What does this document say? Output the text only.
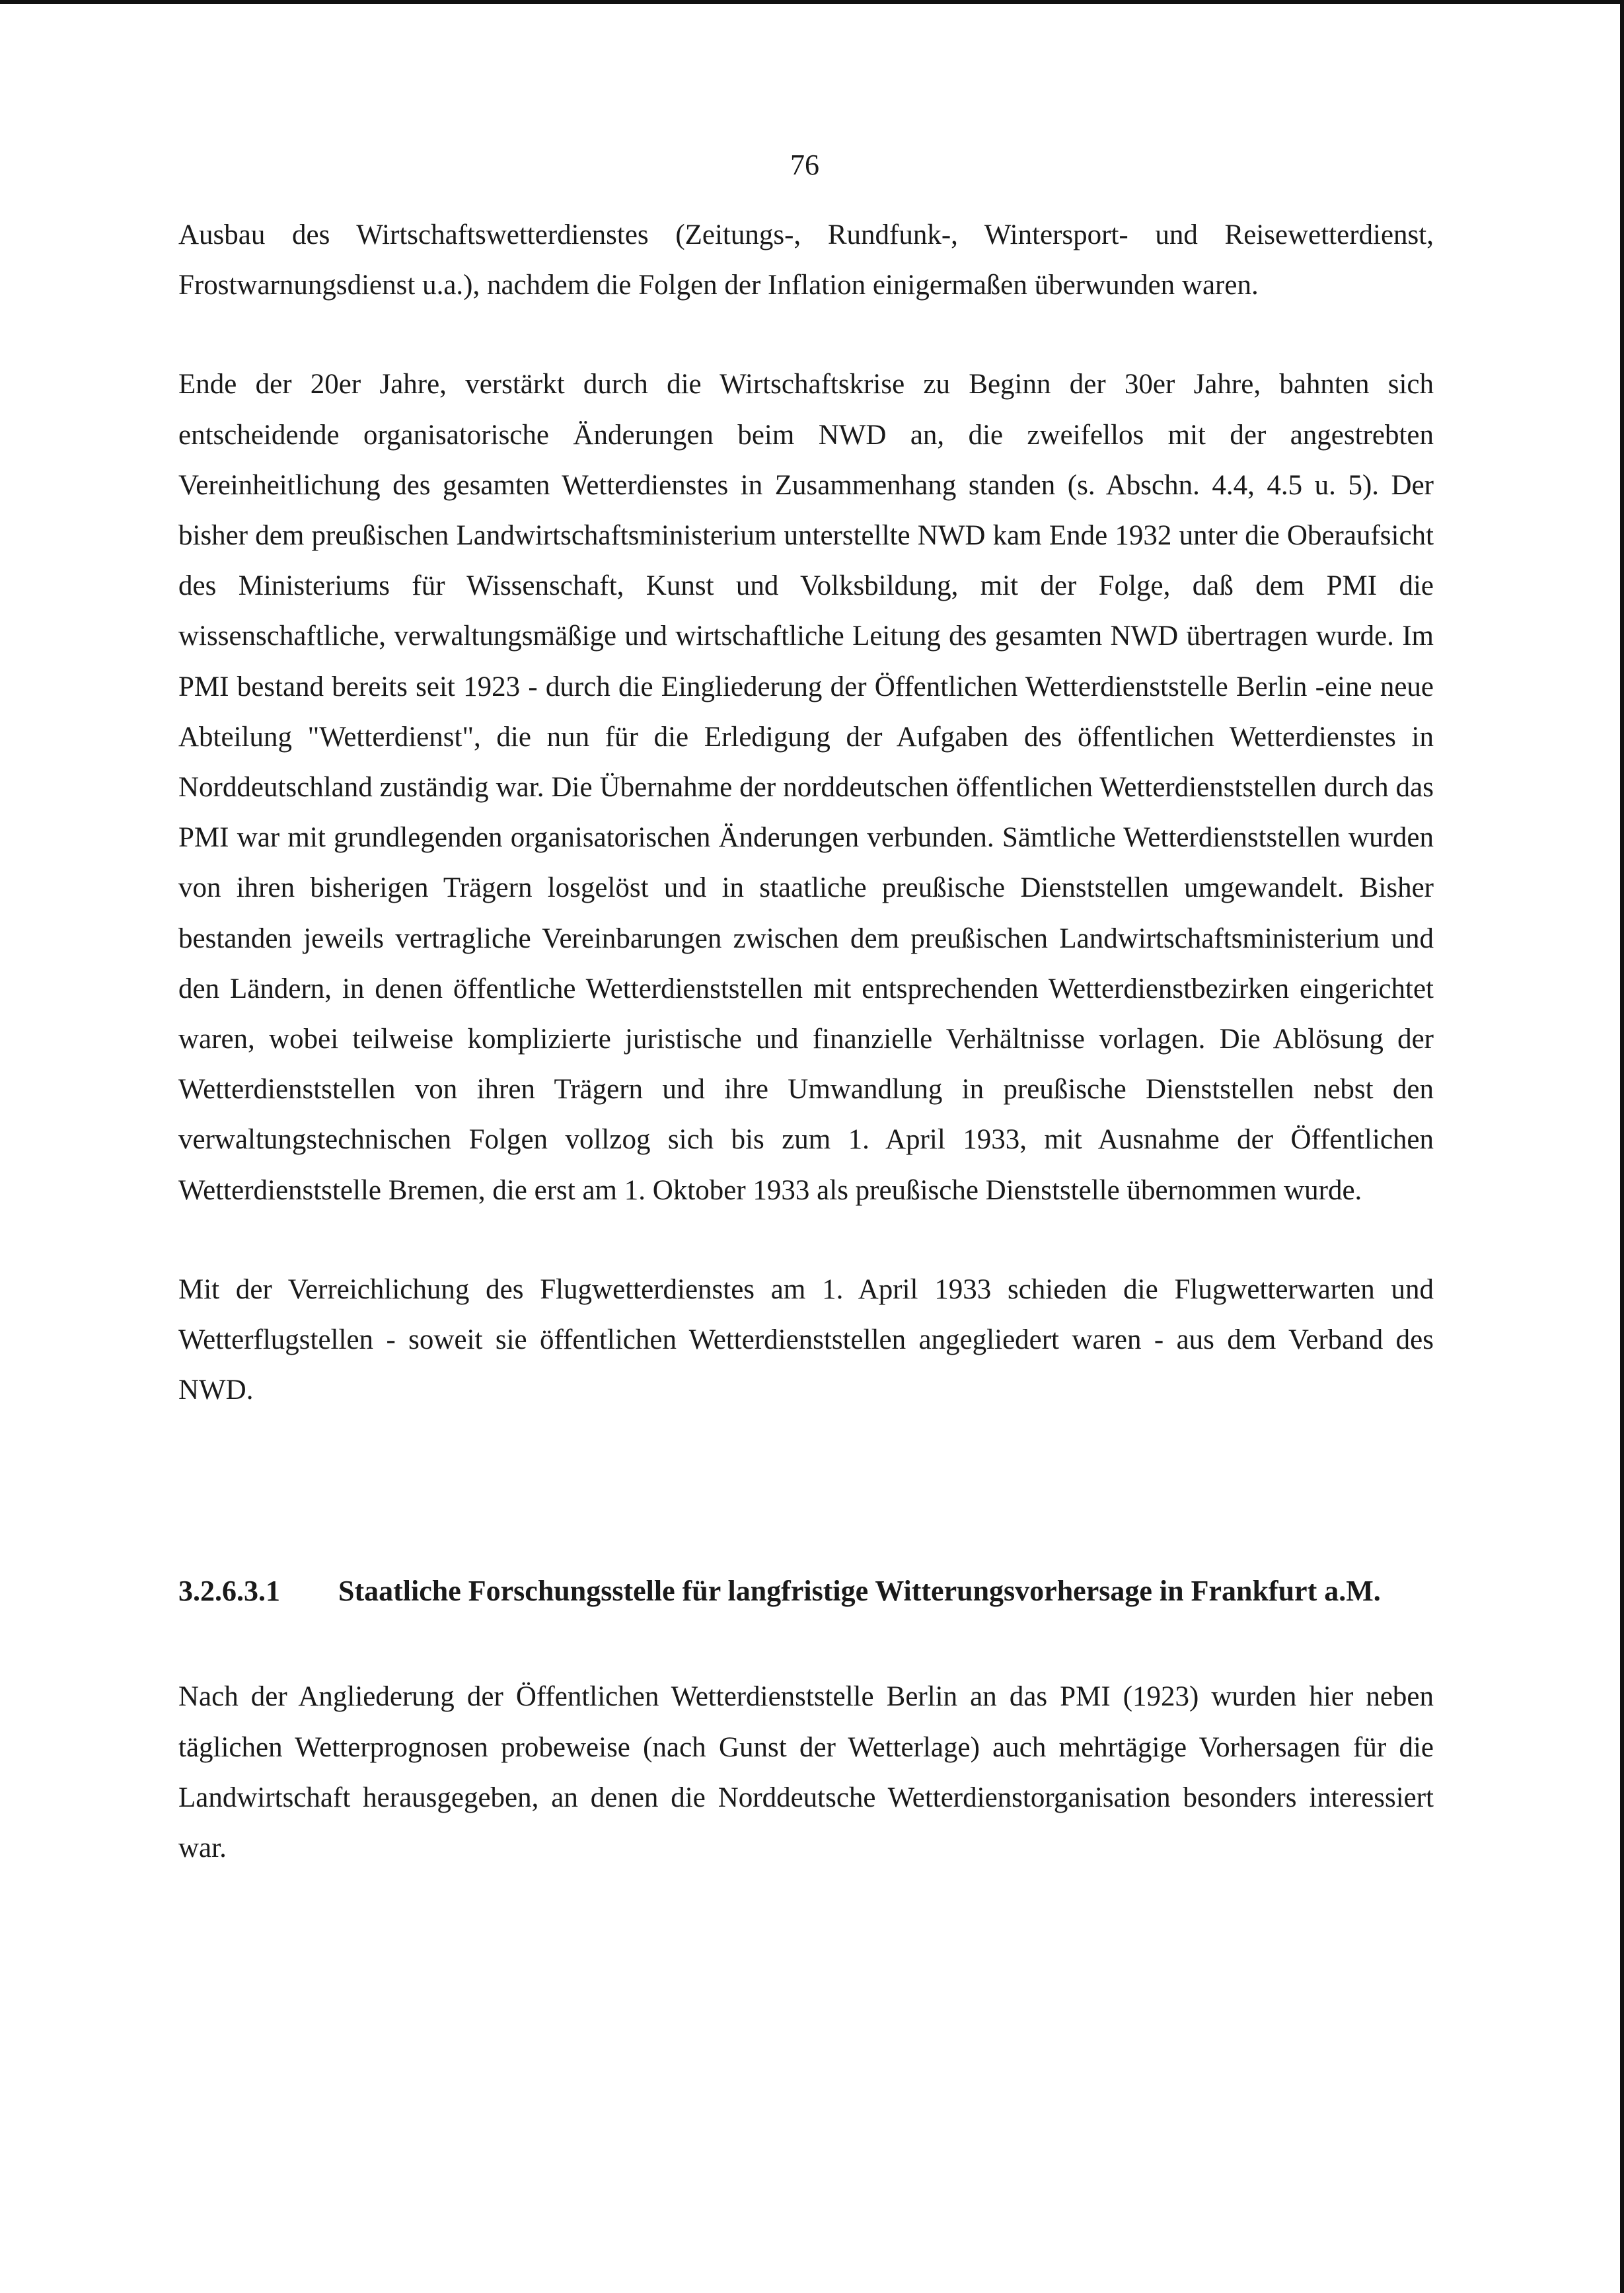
76

Ausbau des Wirtschaftswetterdienstes (Zeitungs-, Rundfunk-, Wintersport- und Reisewetterdienst, Frostwarnungsdienst u.a.), nachdem die Folgen der Inflation einigermaßen überwunden waren.

Ende der 20er Jahre, verstärkt durch die Wirtschaftskrise zu Beginn der 30er Jahre, bahnten sich entscheidende organisatorische Änderungen beim NWD an, die zweifellos mit der angestrebten Vereinheitlichung des gesamten Wetterdienstes in Zusammenhang standen (s. Abschn. 4.4, 4.5 u. 5). Der bisher dem preußischen Landwirtschaftsministerium unterstellte NWD kam Ende 1932 unter die Oberaufsicht des Ministeriums für Wissenschaft, Kunst und Volksbildung, mit der Folge, daß dem PMI die wissenschaftliche, verwaltungsmäßige und wirtschaftliche Leitung des gesamten NWD übertragen wurde. Im PMI bestand bereits seit 1923 - durch die Eingliederung der Öffentlichen Wetterdienststelle Berlin -eine neue Abteilung "Wetterdienst", die nun für die Erledigung der Aufgaben des öffentlichen Wetterdienstes in Norddeutschland zuständig war. Die Übernahme der norddeutschen öffentlichen Wetterdienststellen durch das PMI war mit grundlegenden organisatorischen Änderungen verbunden. Sämtliche Wetterdienststellen wurden von ihren bisherigen Trägern losgelöst und in staatliche preußische Dienststellen umgewandelt. Bisher bestanden jeweils vertragliche Vereinbarungen zwischen dem preußischen Landwirtschaftsministerium und den Ländern, in denen öffentliche Wetterdienststellen mit entsprechenden Wetterdienstbezirken eingerichtet waren, wobei teilweise komplizierte juristische und finanzielle Verhältnisse vorlagen. Die Ablösung der Wetterdienststellen von ihren Trägern und ihre Umwandlung in preußische Dienststellen nebst den verwaltungstechnischen Folgen vollzog sich bis zum 1. April 1933, mit Ausnahme der Öffentlichen Wetterdienststelle Bremen, die erst am 1. Oktober 1933 als preußische Dienststelle übernommen wurde.

Mit der Verreichlichung des Flugwetterdienstes am 1. April 1933 schieden die Flugwetterwarten und Wetterflugstellen - soweit sie öffentlichen Wetterdienststellen angegliedert waren - aus dem Verband des NWD.

3.2.6.3.1	Staatliche Forschungsstelle für langfristige Witterungsvorhersage in Frankfurt a.M.

Nach der Angliederung der Öffentlichen Wetterdienststelle Berlin an das PMI (1923) wurden hier neben täglichen Wetterprognosen probeweise (nach Gunst der Wetterlage) auch mehrtägige Vorhersagen für die Landwirtschaft herausgegeben, an denen die Norddeutsche Wetterdienstorganisation besonders interessiert war.
